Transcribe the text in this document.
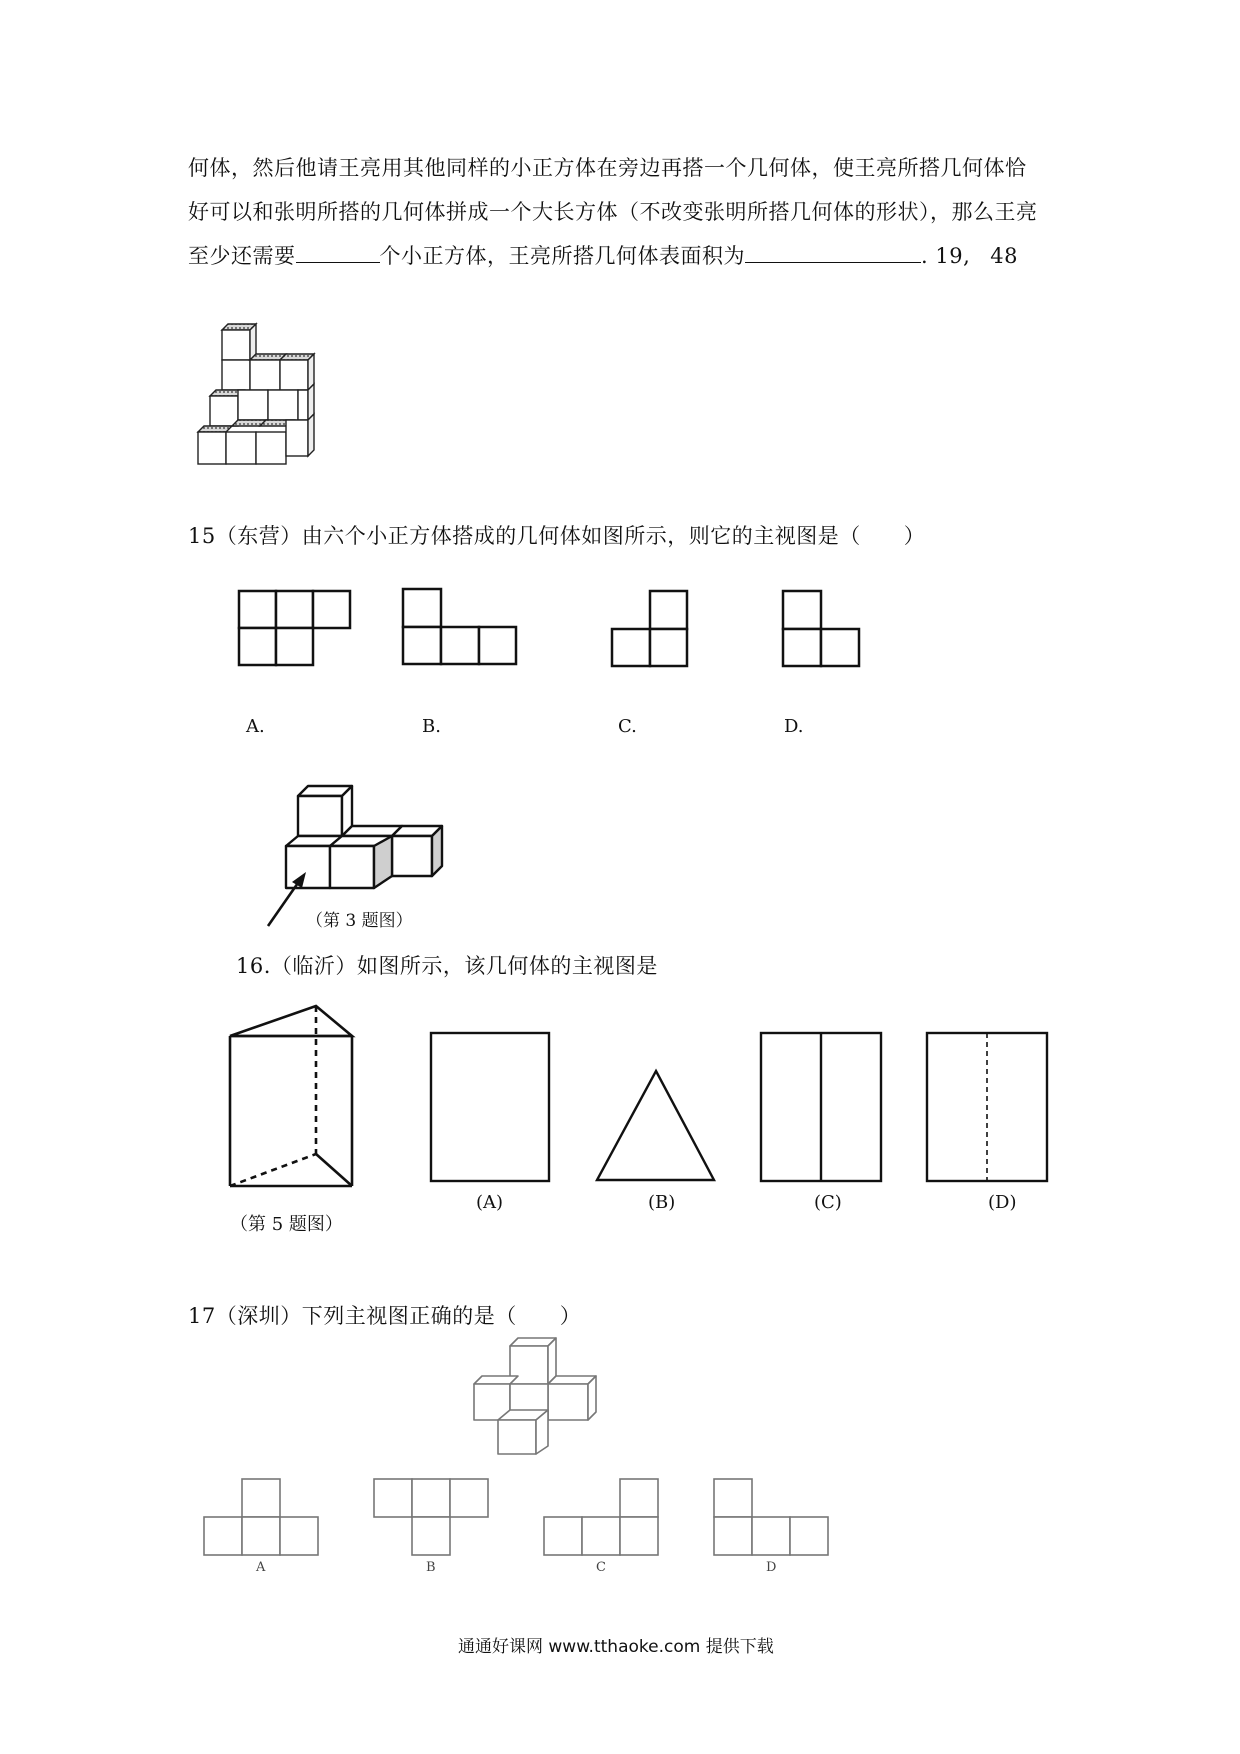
何体，然后他请王亮用其他同样的小正方体在旁边再搭一个几何体，使王亮所搭几何体恰
好可以和张明所搭的几何体拼成一个大长方体（不改变张明所搭几何体的形状），那么王亮
至少还需要	个小正方体，王亮所搭几何体表面积为	. 19, 48
15（东营）由六个小正方体搭成的几何体如图所示，则它的主视图是（　　）
A.	B.	C.	D.
（第 3 题图）
16.（临沂）如图所示，该几何体的主视图是
（第 5 题图）
(A)	(B)	(C)	(D)
17（深圳）下列主视图正确的是（　　）
A	B	C	D
通通好课网 www.tthaoke.com 提供下载
